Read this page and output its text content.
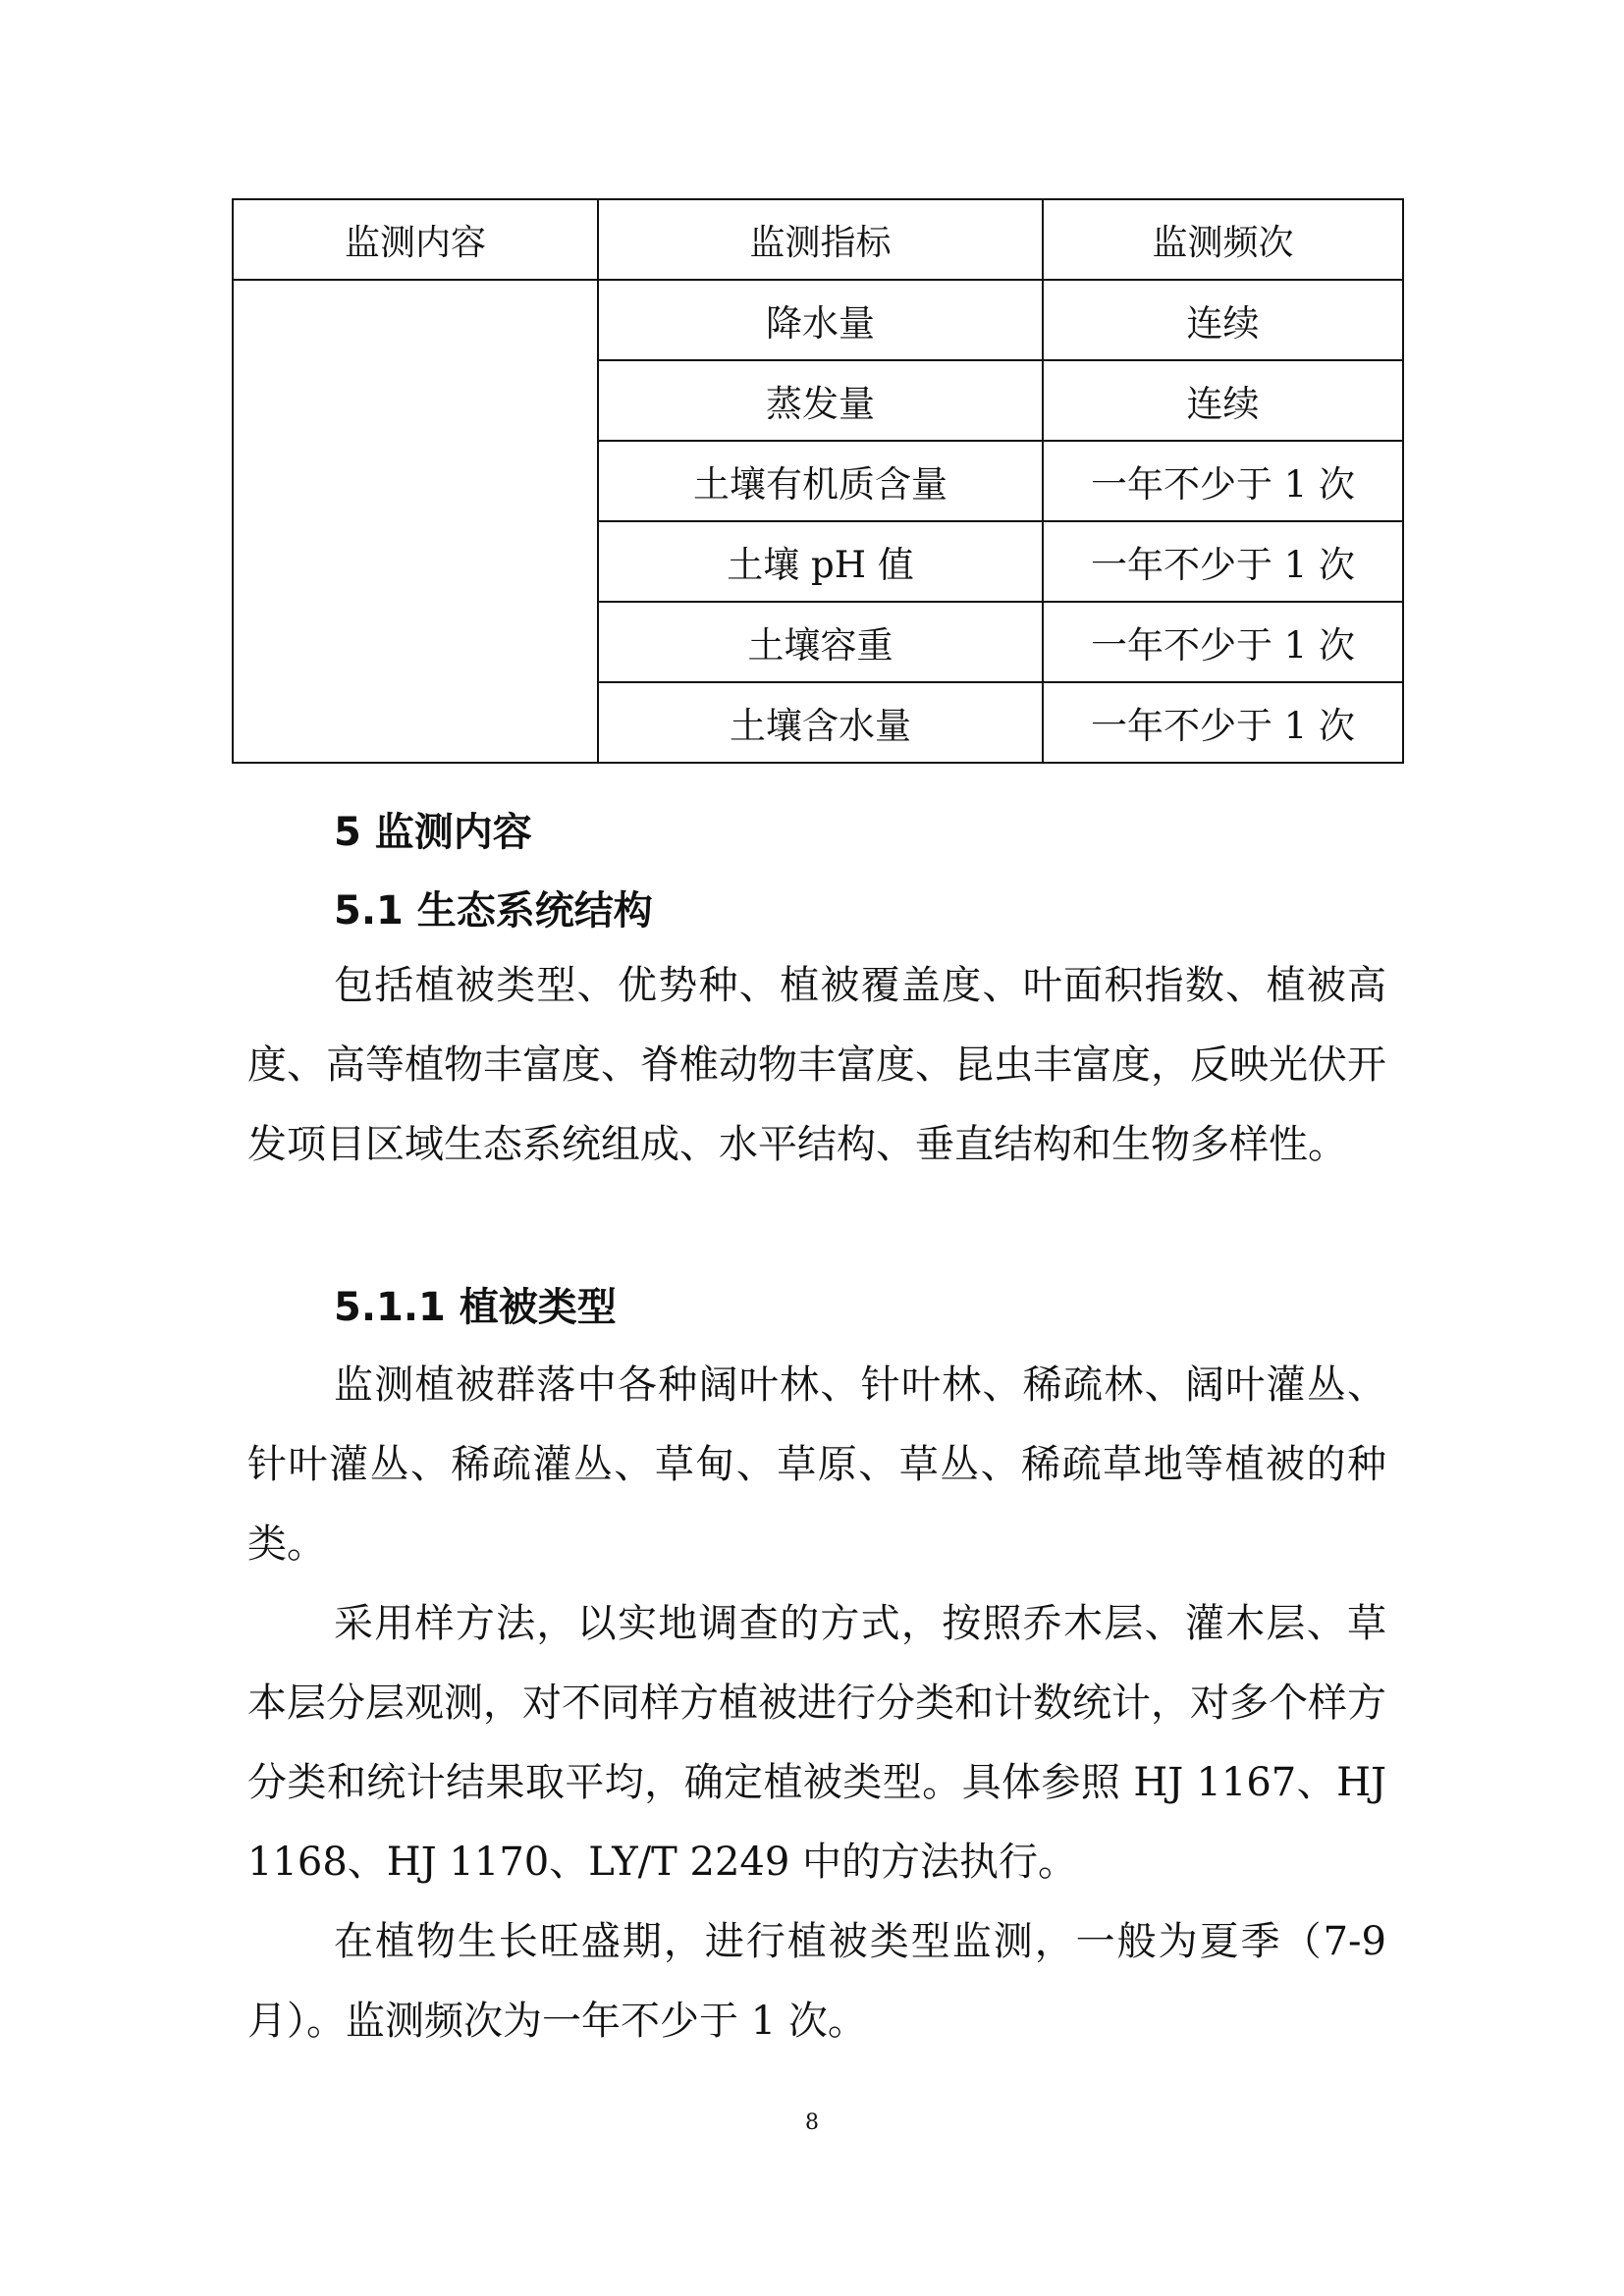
监测内容	监测指标	监测频次
	降水量	连续
	蒸发量	连续
	土壤有机质含量	一年不少于 1 次
	土壤 pH 值	一年不少于 1 次
	土壤容重	一年不少于 1 次
	土壤含水量	一年不少于 1 次
5 监测内容
5.1 生态系统结构

包括植被类型、优势种、植被覆盖度、叶面积指数、植被高度、高等植物丰富度、脊椎动物丰富度、昆虫丰富度，反映光伏开发项目区域生态系统组成、水平结构、垂直结构和生物多样性。

5.1.1 植被类型

监测植被群落中各种阔叶林、针叶林、稀疏林、阔叶灌丛、针叶灌丛、稀疏灌丛、草甸、草原、草丛、稀疏草地等植被的种类。

采用样方法，以实地调查的方式，按照乔木层、灌木层、草本层分层观测，对不同样方植被进行分类和计数统计，对多个样方分类和统计结果取平均，确定植被类型。具体参照 HJ 1167、HJ 1168、HJ 1170、LY/T 2249 中的方法执行。

在植物生长旺盛期，进行植被类型监测，一般为夏季（7-9 月）。监测频次为一年不少于 1 次。

8
